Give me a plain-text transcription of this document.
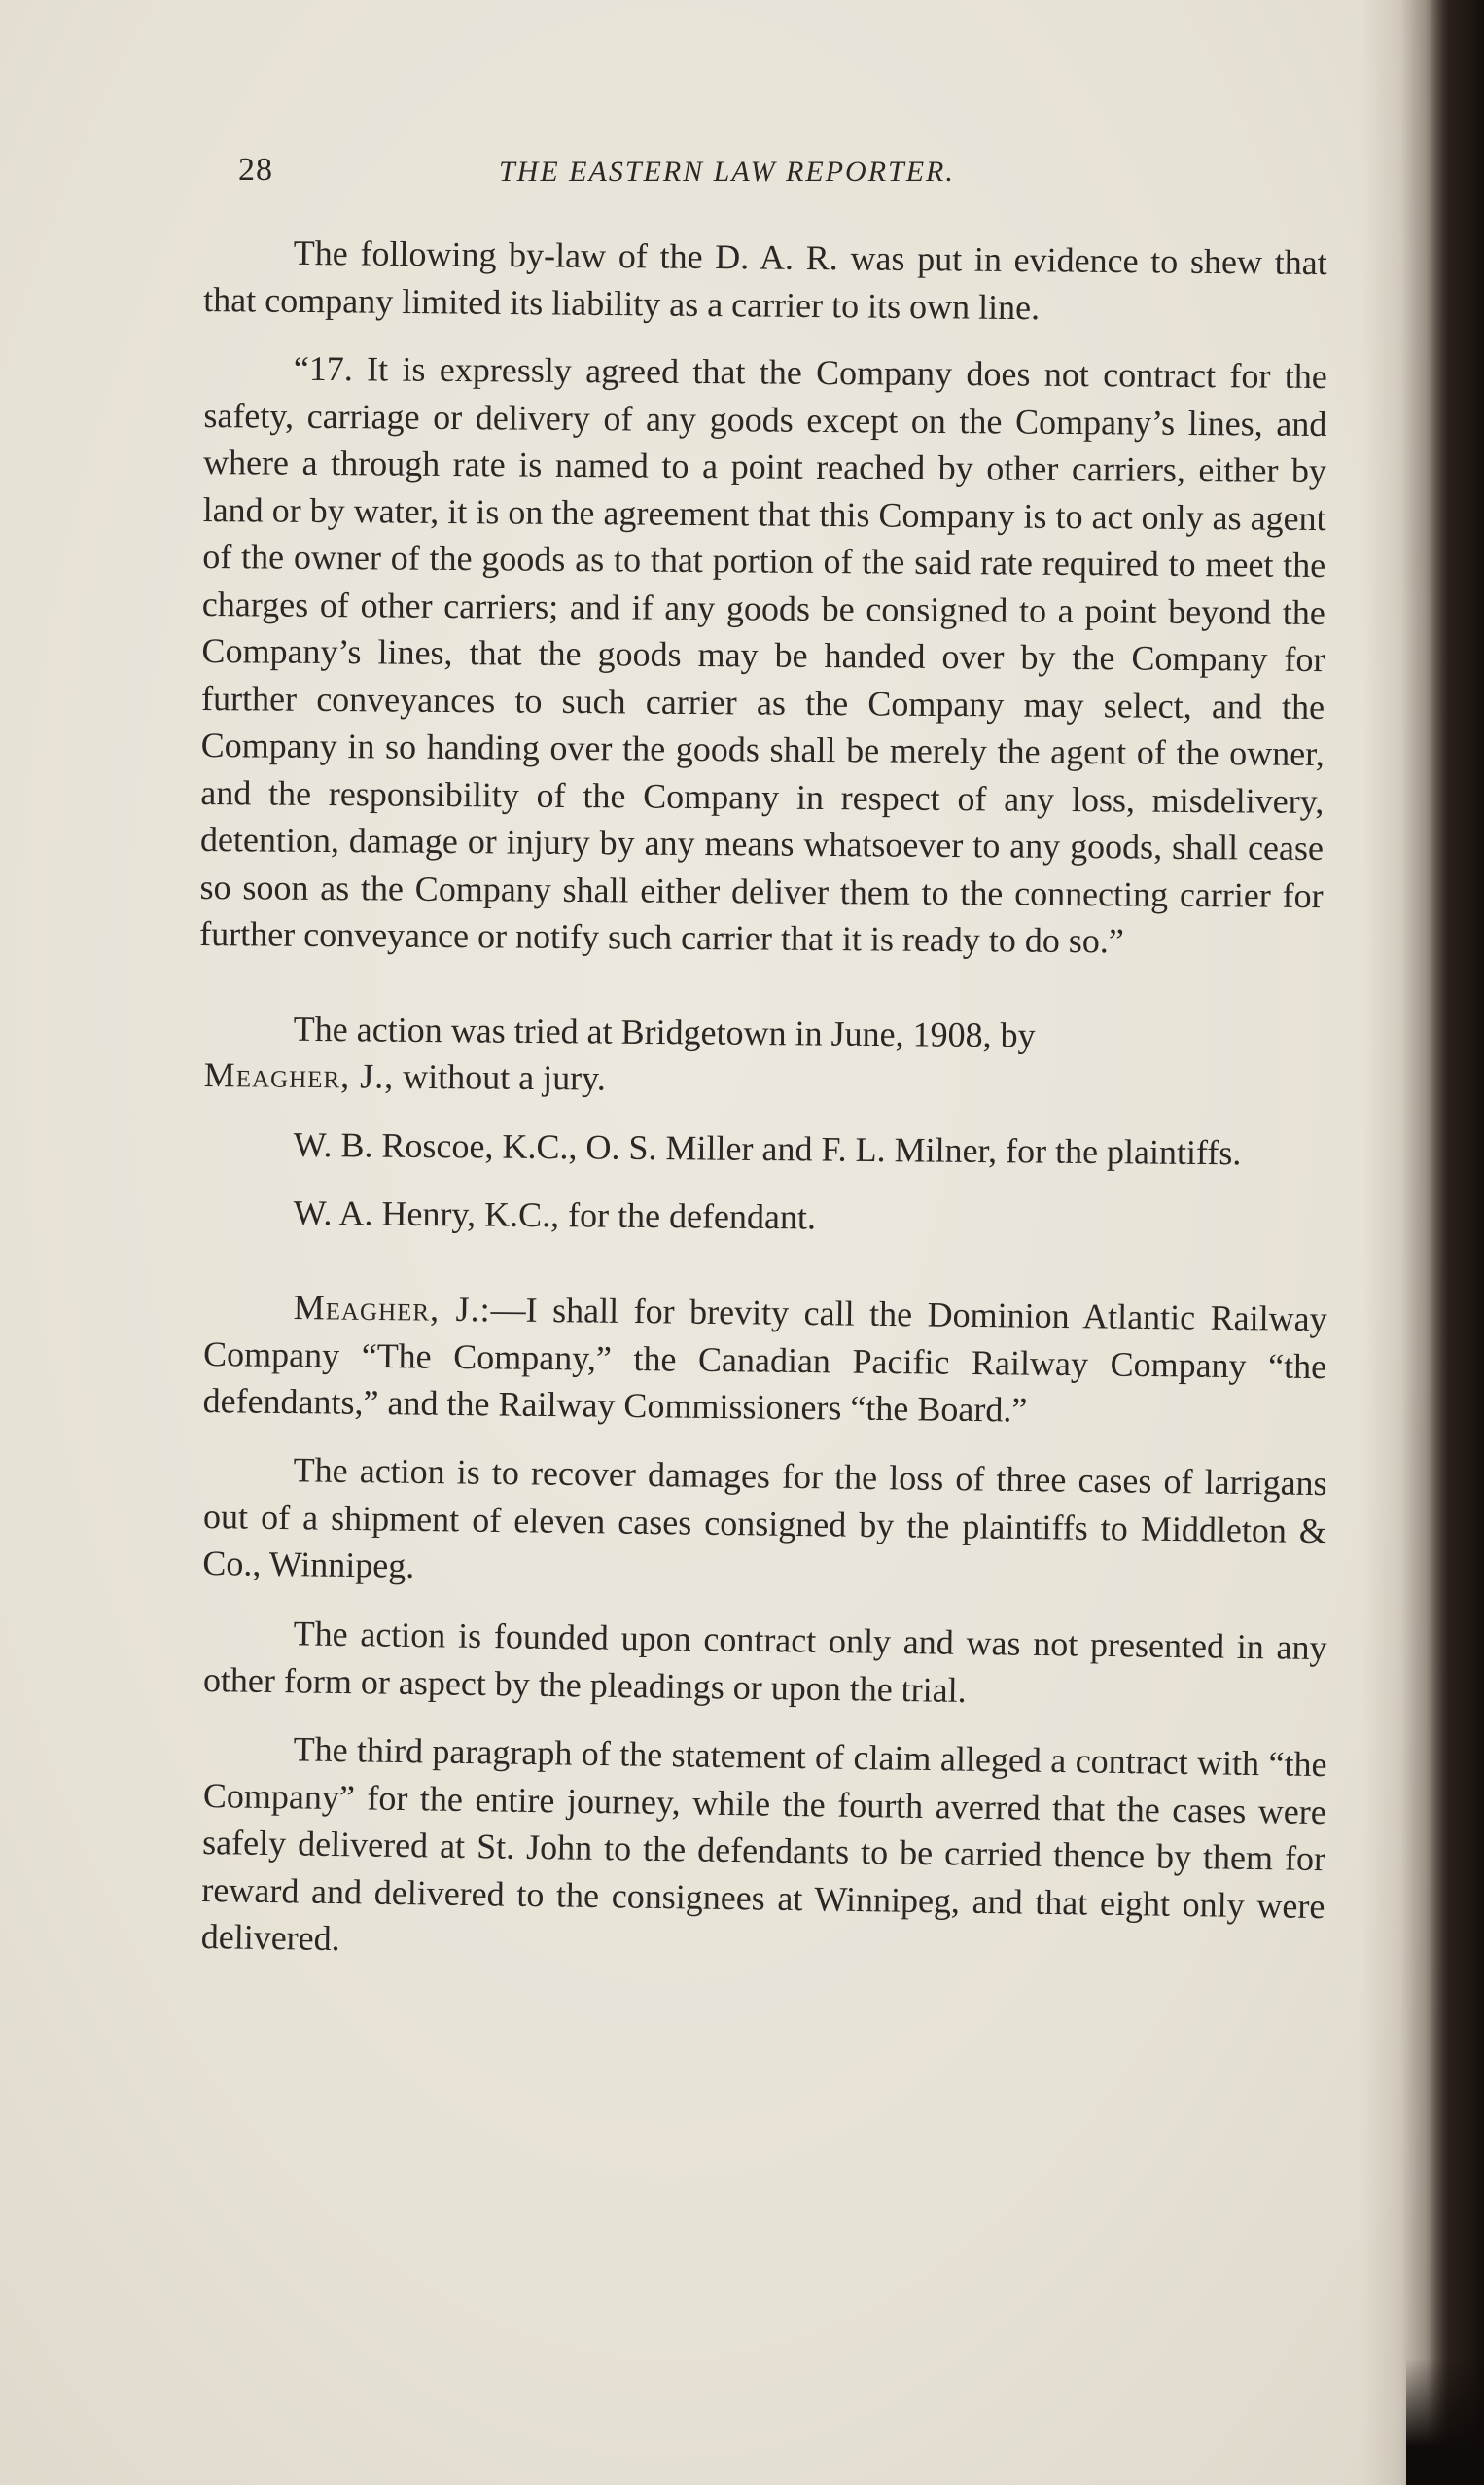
28	THE EASTERN LAW REPORTER.

The following by-law of the D. A. R. was put in evidence to shew that that company limited its liability as a carrier to its own line.

“17. It is expressly agreed that the Company does not contract for the safety, carriage or delivery of any goods except on the Company’s lines, and where a through rate is named to a point reached by other carriers, either by land or by water, it is on the agreement that this Company is to act only as agent of the owner of the goods as to that portion of the said rate required to meet the charges of other carriers; and if any goods be consigned to a point beyond the Company’s lines, that the goods may be handed over by the Company for further conveyances to such carrier as the Company may select, and the Company in so handing over the goods shall be merely the agent of the owner, and the responsibility of the Company in respect of any loss, misdelivery, detention, damage or injury by any means whatsoever to any goods, shall cease so soon as the Company shall either deliver them to the connecting carrier for further conveyance or notify such carrier that it is ready to do so.”

The action was tried at Bridgetown in June, 1908, by

Meagher, J., without a jury.

W. B. Roscoe, K.C., O. S. Miller and F. L. Milner, for the plaintiffs.

W. A. Henry, K.C., for the defendant.

Meagher, J.:—I shall for brevity call the Dominion Atlantic Railway Company “The Company,” the Canadian Pacific Railway Company “the defendants,” and the Railway Commissioners “the Board.”

The action is to recover damages for the loss of three cases of larrigans out of a shipment of eleven cases consigned by the plaintiffs to Middleton & Co., Winnipeg.

The action is founded upon contract only and was not presented in any other form or aspect by the pleadings or upon the trial.

The third paragraph of the statement of claim alleged a contract with “the Company” for the entire journey, while the fourth averred that the cases were safely delivered at St. John to the defendants to be carried thence by them for reward and delivered to the consignees at Winnipeg, and that eight only were delivered.
